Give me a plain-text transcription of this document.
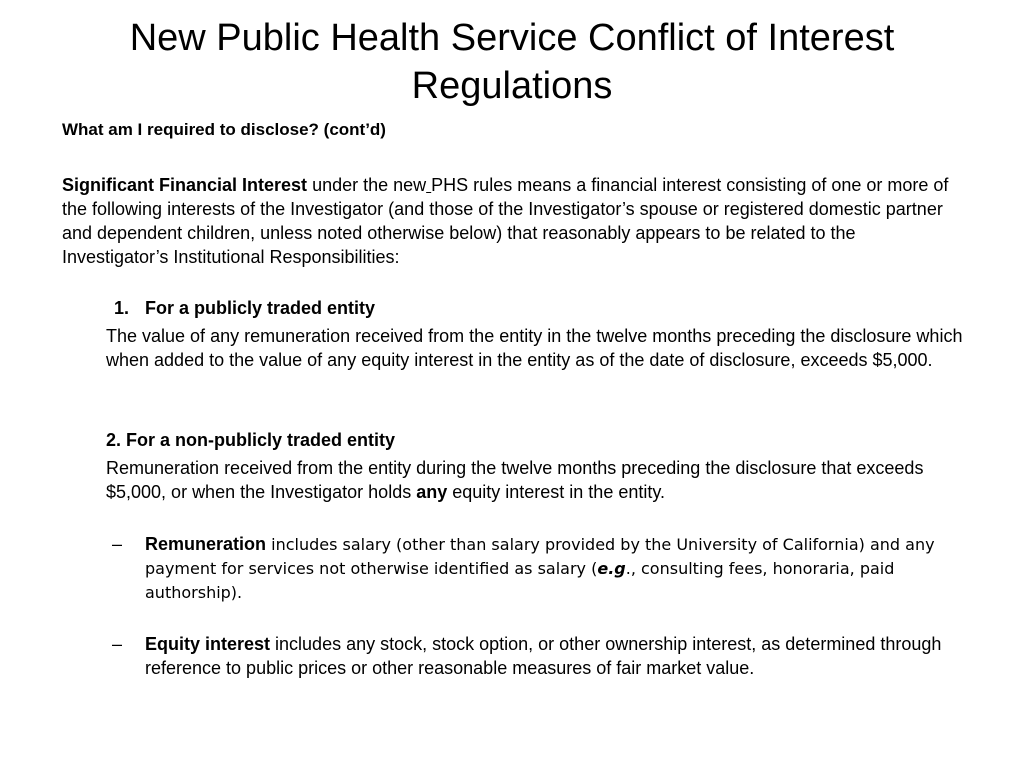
New Public Health Service Conflict of Interest Regulations
What am I required to disclose? (cont’d)
Significant Financial Interest under the new PHS rules means a financial interest consisting of one or more of the following interests of the Investigator (and those of the Investigator’s spouse or registered domestic partner and dependent children, unless noted otherwise below) that reasonably appears to be related to the Investigator’s Institutional Responsibilities:
1. For a publicly traded entity
The value of any remuneration received from the entity in the twelve months preceding the disclosure which when added to the value of any equity interest in the entity as of the date of disclosure, exceeds $5,000.
2. For a non-publicly traded entity
Remuneration received from the entity during the twelve months preceding the disclosure that exceeds $5,000, or when the Investigator holds any equity interest in the entity.
– Remuneration includes salary (other than salary provided by the University of California) and any payment for services not otherwise identified as salary (e.g., consulting fees, honoraria, paid authorship).
– Equity interest includes any stock, stock option, or other ownership interest, as determined through reference to public prices or other reasonable measures of fair market value.
